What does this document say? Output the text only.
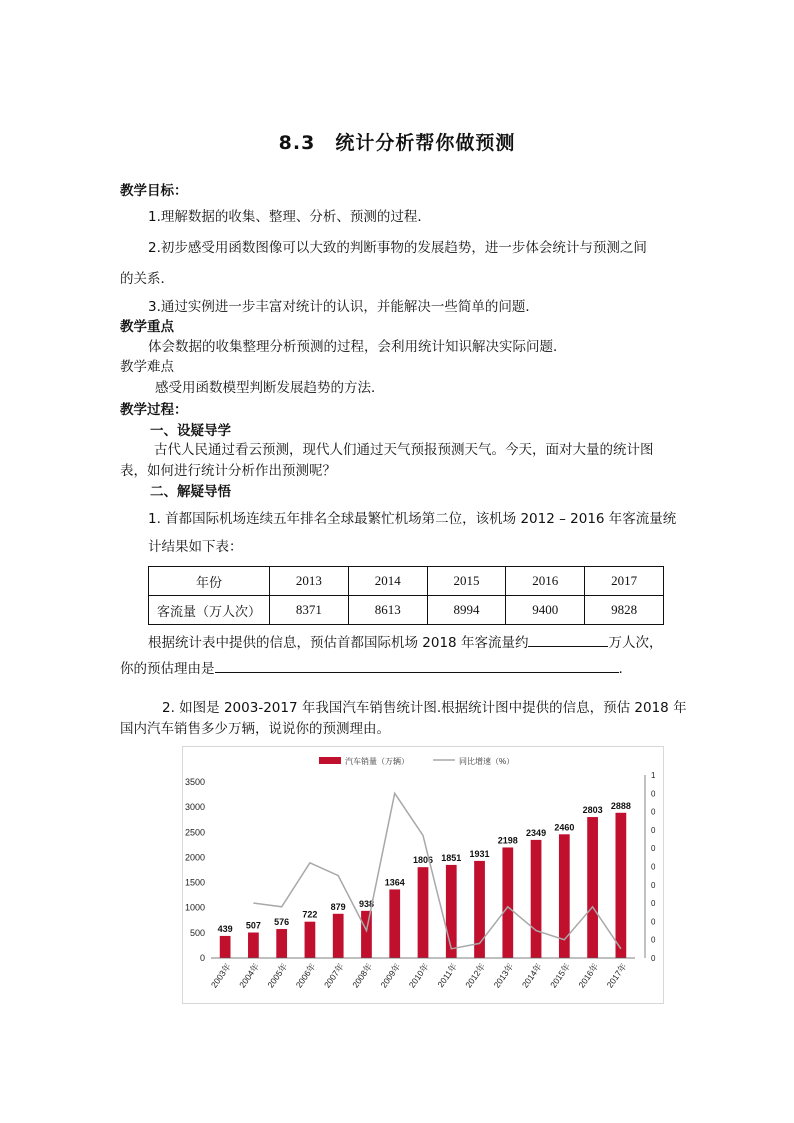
8.3　统计分析帮你做预测
教学目标：
1.理解数据的收集、整理、分析、预测的过程．
2.初步感受用函数图像可以大致的判断事物的发展趋势，进一步体会统计与预测之间
的关系．
3.通过实例进一步丰富对统计的认识，并能解决一些简单的问题．
教学重点
体会数据的收集整理分析预测的过程，会利用统计知识解决实际问题．
教学难点
感受用函数模型判断发展趋势的方法．
教学过程：
一、设疑导学
古代人民通过看云预测，现代人们通过天气预报预测天气。今天，面对大量的统计图
表，如何进行统计分析作出预测呢？
二、解疑导悟
1. 首都国际机场连续五年排名全球最繁忙机场第二位，该机场 2012 – 2016 年客流量统
计结果如下表：
年份	2013	2014	2015	2016	2017
客流量（万人次）	8371	8613	8994	9400	9828
根据统计表中提供的信息，预估首都国际机场 2018 年客流量约	万人次，
你的预估理由是	.
2. 如图是 2003-2017 年我国汽车销售统计图.根据统计图中提供的信息，预估 2018 年
国内汽车销售多少万辆，说说你的预测理由。
汽车销量（万辆）	同比增速（%）
0
500
1000
1500
2000
2500
3000
3500
0
0
0
0
0
0
0
0
0
0
1
439 507 576
722
879 938
1364
1806 1851 1931
2198
2349
2460
2803 2888
2003年 2004年 2005年 2006年 2007年 2008年 2009年 2010年 2011年 2012年 2013年 2014年 2015年 2016年 2017年
